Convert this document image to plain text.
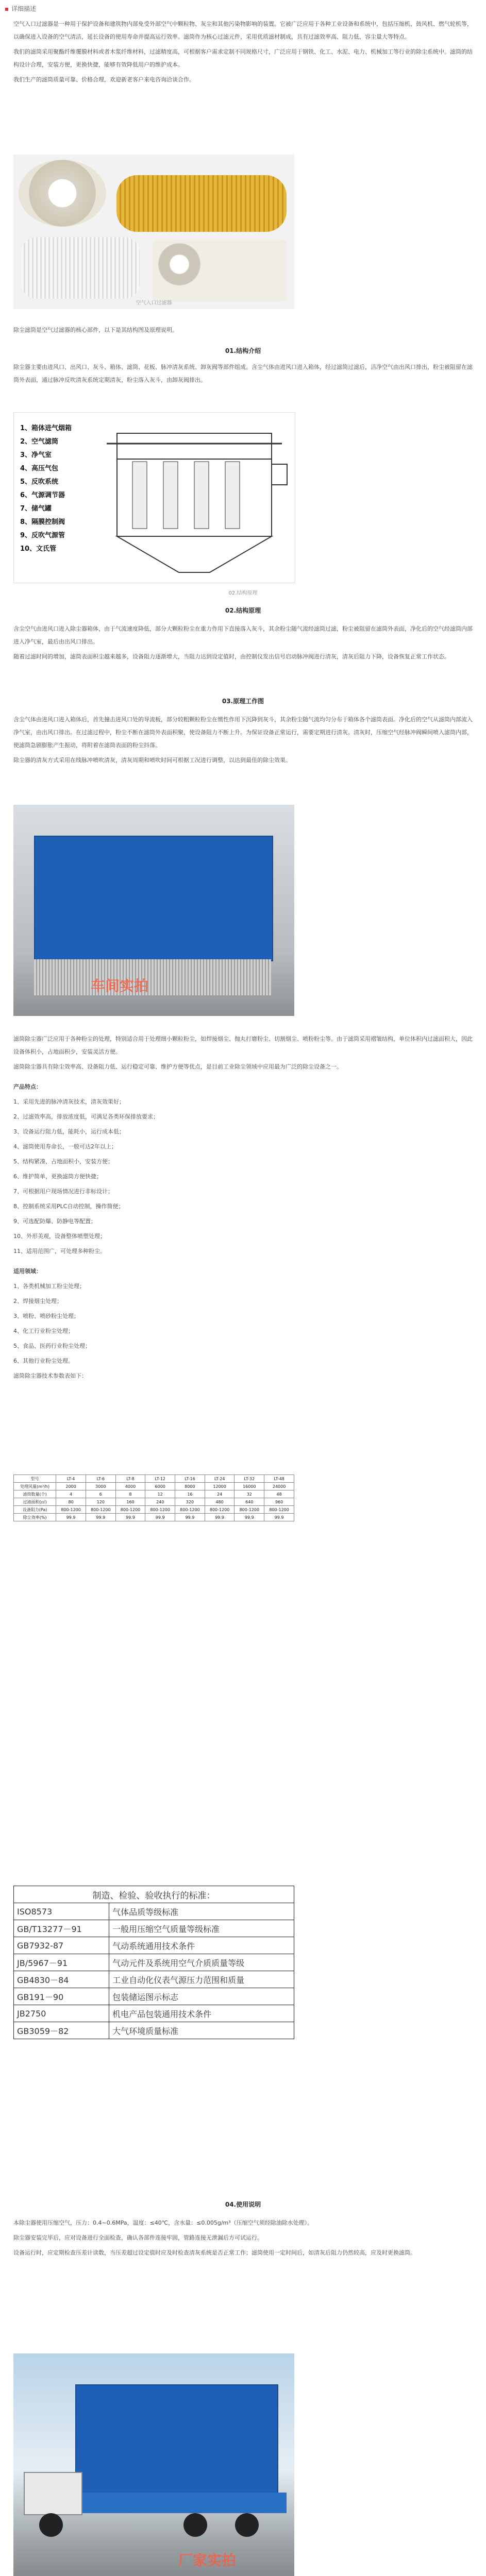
详细描述

空气入口过滤器是一种用于保护设备和建筑物内部免受外部空气中颗粒物、灰尘和其他污染物影响的装置。它被广泛应用于各种工业设备和系统中，包括压缩机、鼓风机、燃气轮机等，以确保进入设备的空气清洁，延长设备的使用寿命并提高运行效率。滤筒作为核心过滤元件，采用优质滤材制成，具有过滤效率高、阻力低、容尘量大等特点。

我们的滤筒采用聚酯纤维覆膜材料或者木浆纤维材料，过滤精度高，可根据客户需求定制不同规格尺寸，广泛应用于钢铁、化工、水泥、电力、机械加工等行业的除尘系统中。滤筒的结构设计合理，安装方便，更换快捷，能够有效降低用户的维护成本。

我们生产的滤筒质量可靠、价格合理，欢迎新老客户来电咨询洽谈合作。

空气入口过滤器

除尘滤筒是空气过滤器的核心部件，以下是其结构图及原理说明。

01.结构介绍

除尘器主要由进风口、出风口、灰斗、箱体、滤筒、花板、脉冲清灰系统、卸灰阀等部件组成。含尘气体由进风口进入箱体，经过滤筒过滤后，洁净空气由出风口排出，粉尘被阻留在滤筒外表面，通过脉冲反吹清灰系统定期清灰，粉尘落入灰斗，由卸灰阀排出。

1、箱体进气烟箱
2、空气滤筒
3、净气室
4、高压气包
5、反吹系统
6、气源调节器
7、储气罐
8、隔膜控制阀
9、反吹气源管
10、文氏管
02.结构原理
02.结构原理

含尘空气由进风口进入除尘器箱体，由于气流速度降低，部分大颗粒粉尘在重力作用下直接落入灰斗，其余粉尘随气流经滤筒过滤，粉尘被阻留在滤筒外表面，净化后的空气经滤筒内部进入净气室，最后由出风口排出。

随着过滤时间的增加，滤筒表面积尘越来越多，设备阻力逐渐增大，当阻力达到设定值时，由控制仪发出信号启动脉冲阀进行清灰，清灰后阻力下降，设备恢复正常工作状态。

03.原理工作图

含尘气体由进风口进入箱体后，首先撞击进风口处的导流板，部分较粗颗粒粉尘在惯性作用下沉降到灰斗，其余粉尘随气流均匀分布于箱体各个滤筒表面。净化后的空气从滤筒内部流入净气室，由出风口排出。在过滤过程中，粉尘不断在滤筒外表面积聚，使设备阻力不断上升。为保证设备正常运行，需要定期进行清灰。清灰时，压缩空气经脉冲阀瞬间喷入滤筒内部，使滤筒急剧膨胀产生振动，将附着在滤筒表面的粉尘抖落。

除尘器的清灰方式采用在线脉冲喷吹清灰，清灰周期和喷吹时间可根据工况进行调整，以达到最佳的除尘效果。

车间实拍

滤筒除尘器广泛应用于各种粉尘的处理，特别适合用于处理细小颗粒粉尘，如焊接烟尘、抛丸打磨粉尘、切割烟尘、喷粉粉尘等。由于滤筒采用褶皱结构，单位体积内过滤面积大，因此设备体积小，占地面积少，安装灵活方便。

滤筒除尘器具有除尘效率高、设备阻力低、运行稳定可靠、维护方便等优点，是目前工业除尘领域中应用最为广泛的除尘设备之一。

产品特点：

1、采用先进的脉冲清灰技术，清灰效果好；

2、过滤效率高，排放浓度低，可满足各类环保排放要求；

3、设备运行阻力低，能耗小，运行成本低；

4、滤筒使用寿命长，一般可达2年以上；

5、结构紧凑，占地面积小，安装方便；

6、维护简单，更换滤筒方便快捷；

7、可根据用户现场情况进行非标设计；

8、控制系统采用PLC自动控制，操作简便；

9、可选配防爆、防静电等配置；

10、外形美观，设备整体喷塑处理；

11、适用范围广，可处理多种粉尘。

适用领域：

1、各类机械加工粉尘处理；

2、焊接烟尘处理；

3、喷粉、喷砂粉尘处理；

4、化工行业粉尘处理；

5、食品、医药行业粉尘处理；

6、其他行业粉尘处理。

滤筒除尘器技术参数表如下：

型号	LT-4	LT-6	LT-8	LT-12	LT-16	LT-24	LT-32	LT-48
处理风量(m³/h)	2000	3000	4000	6000	8000	12000	16000	24000
滤筒数量(个)	4	6	8	12	16	24	32	48
过滤面积(㎡)	80	120	160	240	320	480	640	960
设备阻力(Pa)	800-1200	800-1200	800-1200	800-1200	800-1200	800-1200	800-1200	800-1200
除尘效率(%)	99.9	99.9	99.9	99.9	99.9	99.9	99.9	99.9
制造、检验、验收执行的标准：	
ISO8573	气体品质等级标准
GB/T13277－91	一般用压缩空气质量等级标准
GB7932-87	气动系统通用技术条件
JB/5967－91	气动元件及系统用空气介质质量等级
GB4830－84	工业自动化仪表气源压力范围和质量
GB191－90	包装储运图示标志
JB2750	机电产品包装通用技术条件
GB3059－82	大气环境质量标准
04.使用说明

本除尘器使用压缩空气，压力：0.4~0.6MPa，温度：≤40℃，含水量：≤0.005g/m³（压缩空气须经除油除水处理）。

除尘器安装完毕后，应对设备进行全面检查，确认各部件连接牢固，管路连接无泄漏后方可试运行。

设备运行时，应定期检查压差计读数，当压差超过设定值时应及时检查清灰系统是否正常工作；滤筒使用一定时间后，如清灰后阻力仍然较高，应及时更换滤筒。

厂家实拍
